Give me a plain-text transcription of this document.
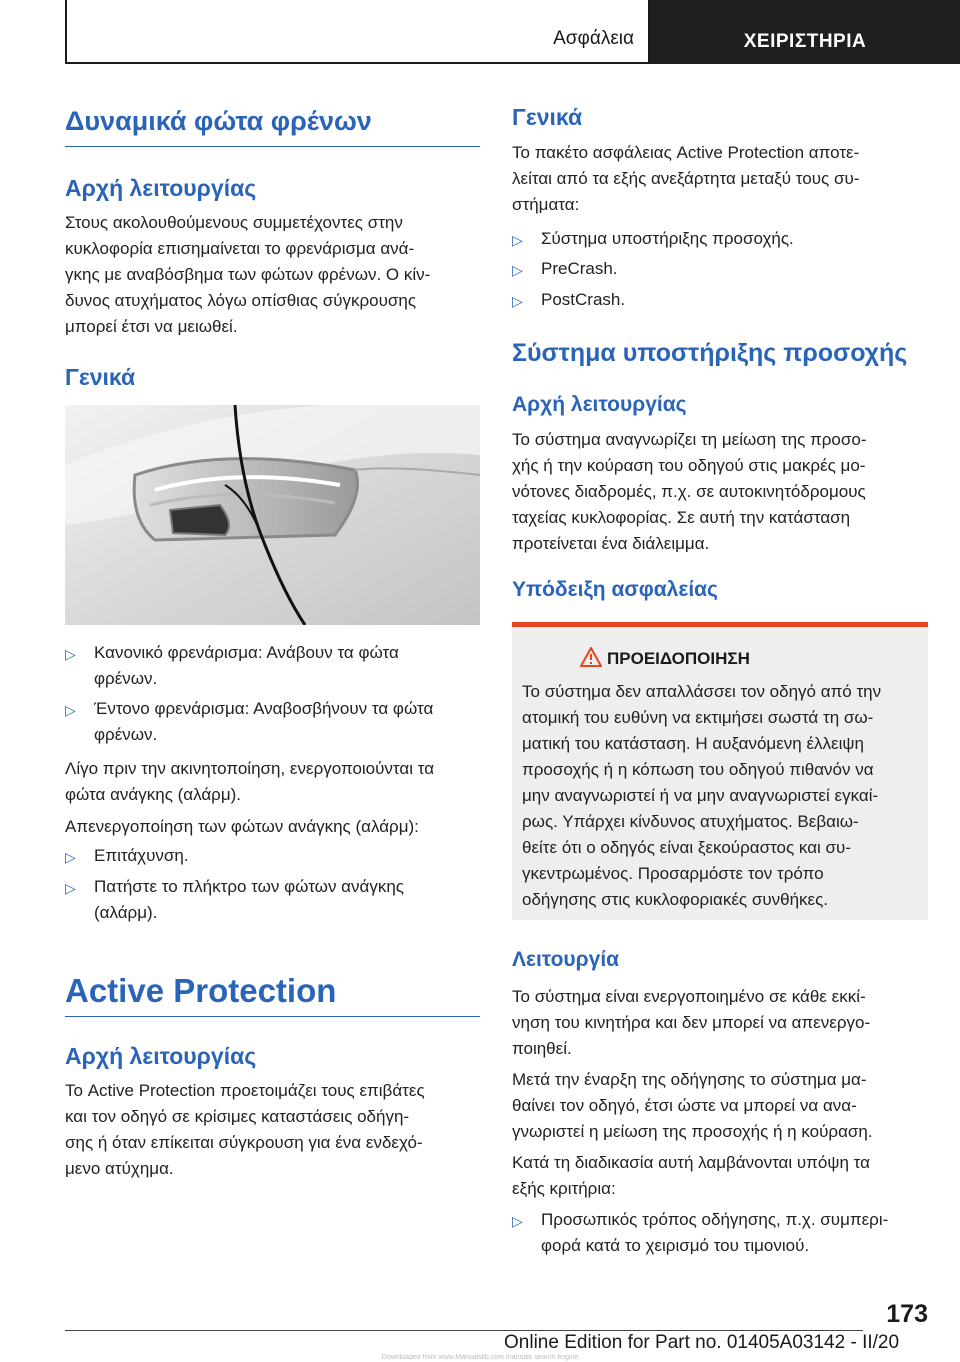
Ασφάλεια	ΧΕΙΡΙΣΤΗΡΙΑ
Δυναμικά φώτα φρένων
Αρχή λειτουργίας

Στους ακολουθούμενους συμμετέχοντες στην

κυκλοφορία επισημαίνεται το φρενάρισμα ανά-

γκης με αναβόσβημα των φώτων φρένων. Ο κίν-

δυνος ατυχήματος λόγω οπίσθιας σύγκρουσης

μπορεί έτσι να μειωθεί.

Γενικά
▷ Κανονικό φρενάρισμα: Ανάβουν τα φώτα
φρένων.
▷ Έντονο φρενάρισμα: Αναβοσβήνουν τα φώτα
φρένων.

Λίγο πριν την ακινητοποίηση, ενεργοποιούνται τα

φώτα ανάγκης (αλάρμ).

Απενεργοποίηση των φώτων ανάγκης (αλάρμ):

▷ Επιτάχυνση.
▷ Πατήστε το πλήκτρο των φώτων ανάγκης
(αλάρμ).
Active Protection
Αρχή λειτουργίας

Το Active Protection προετοιμάζει τους επιβάτες

και τον οδηγό σε κρίσιμες καταστάσεις οδήγη-

σης ή όταν επίκειται σύγκρουση για ένα ενδεχό-

μενο ατύχημα.

Γενικά

Το πακέτο ασφάλειας Active Protection αποτε-

λείται από τα εξής ανεξάρτητα μεταξύ τους συ-

στήματα:

▷ Σύστημα υποστήριξης προσοχής.
▷ PreCrash.
▷ PostCrash.
Σύστημα υποστήριξης προσοχής
Αρχή λειτουργίας

Το σύστημα αναγνωρίζει τη μείωση της προσο-

χής ή την κούραση του οδηγού στις μακρές μο-

νότονες διαδρομές, π.χ. σε αυτοκινητόδρομους

ταχείας κυκλοφορίας. Σε αυτή την κατάσταση

προτείνεται ένα διάλειμμα.

Υπόδειξη ασφαλείας
ΠΡΟΕΙΔΟΠΟΙΗΣΗ
Το σύστημα δεν απαλλάσσει τον οδηγό από την
ατομική του ευθύνη να εκτιμήσει σωστά τη σω-
ματική του κατάσταση. Η αυξανόμενη έλλειψη
προσοχής ή η κόπωση του οδηγού πιθανόν να
μην αναγνωριστεί ή να μην αναγνωριστεί εγκαί-
ρως. Υπάρχει κίνδυνος ατυχήματος. Βεβαιω-
θείτε ότι ο οδηγός είναι ξεκούραστος και συ-
γκεντρωμένος. Προσαρμόστε τον τρόπο
οδήγησης στις κυκλοφοριακές συνθήκες.
Λειτουργία

Το σύστημα είναι ενεργοποιημένο σε κάθε εκκί-

νηση του κινητήρα και δεν μπορεί να απενεργο-

ποιηθεί.

Μετά την έναρξη της οδήγησης το σύστημα μα-

θαίνει τον οδηγό, έτσι ώστε να μπορεί να ανα-

γνωριστεί η μείωση της προσοχής ή η κούραση.

Κατά τη διαδικασία αυτή λαμβάνονται υπόψη τα

εξής κριτήρια:

▷ Προσωπικός τρόπος οδήγησης, π.χ. συμπερι-
φορά κατά το χειρισμό του τιμονιού.
173
Online Edition for Part no. 01405A03142 - II/20
Downloaded from www.Manualslib.com manuals search engine
